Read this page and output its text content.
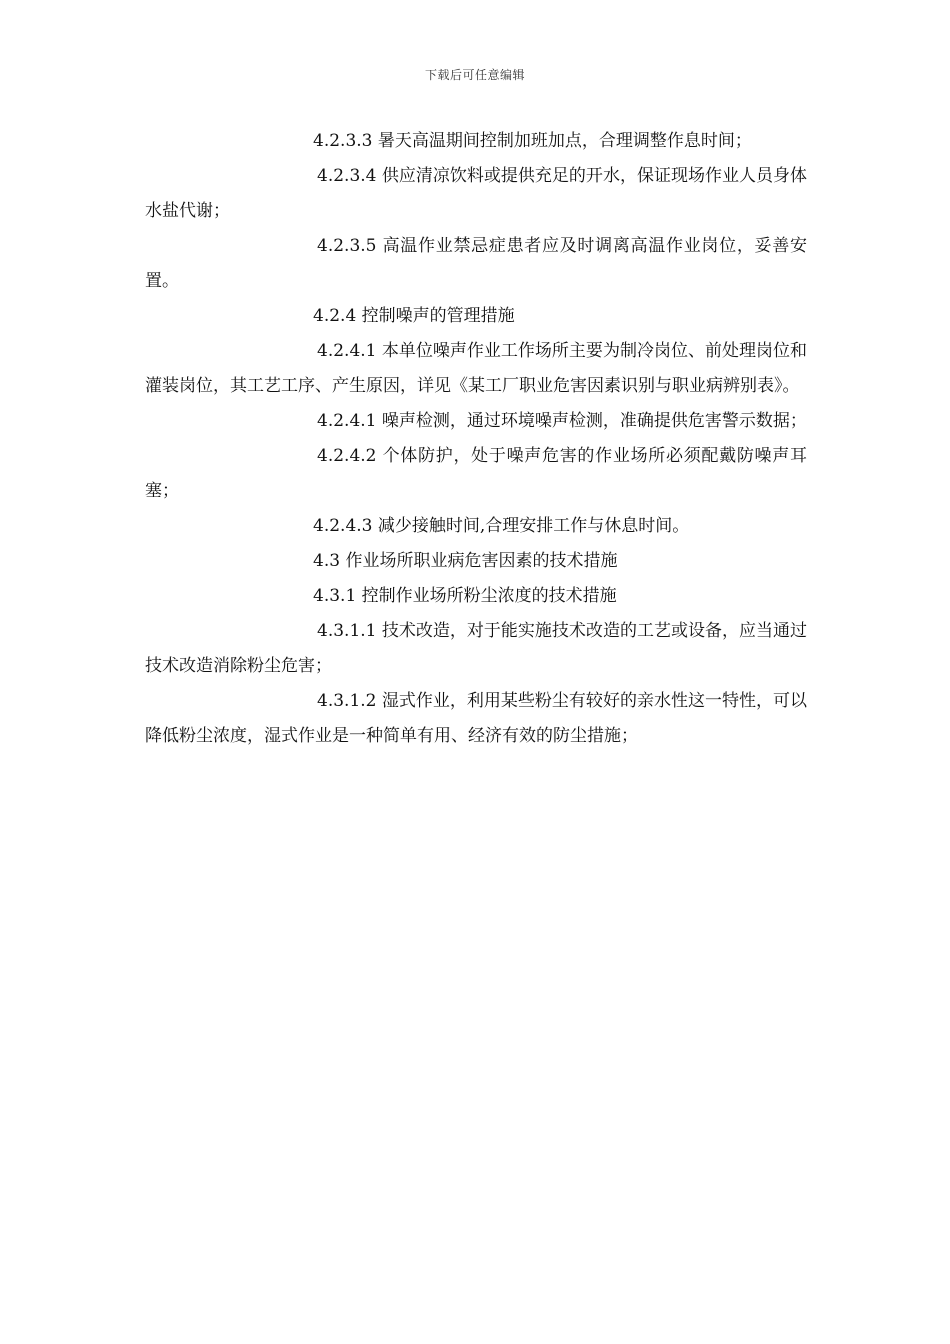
下载后可任意编辑

4.2.3.3 暑天高温期间控制加班加点，合理调整作息时间；

4.2.3.4 供应清凉饮料或提供充足的开水，保证现场作业人员身体水盐代谢；

4.2.3.5 高温作业禁忌症患者应及时调离高温作业岗位，妥善安置。

4.2.4 控制噪声的管理措施

4.2.4.1 本单位噪声作业工作场所主要为制冷岗位、前处理岗位和灌装岗位，其工艺工序、产生原因，详见《某工厂职业危害因素识别与职业病辨别表》。

4.2.4.1 噪声检测，通过环境噪声检测，准确提供危害警示数据；

4.2.4.2 个体防护，处于噪声危害的作业场所必须配戴防噪声耳塞；

4.2.4.3 减少接触时间,合理安排工作与休息时间。

4.3 作业场所职业病危害因素的技术措施

4.3.1 控制作业场所粉尘浓度的技术措施

4.3.1.1 技术改造，对于能实施技术改造的工艺或设备，应当通过技术改造消除粉尘危害；

4.3.1.2 湿式作业，利用某些粉尘有较好的亲水性这一特性，可以降低粉尘浓度，湿式作业是一种简单有用、经济有效的防尘措施；
